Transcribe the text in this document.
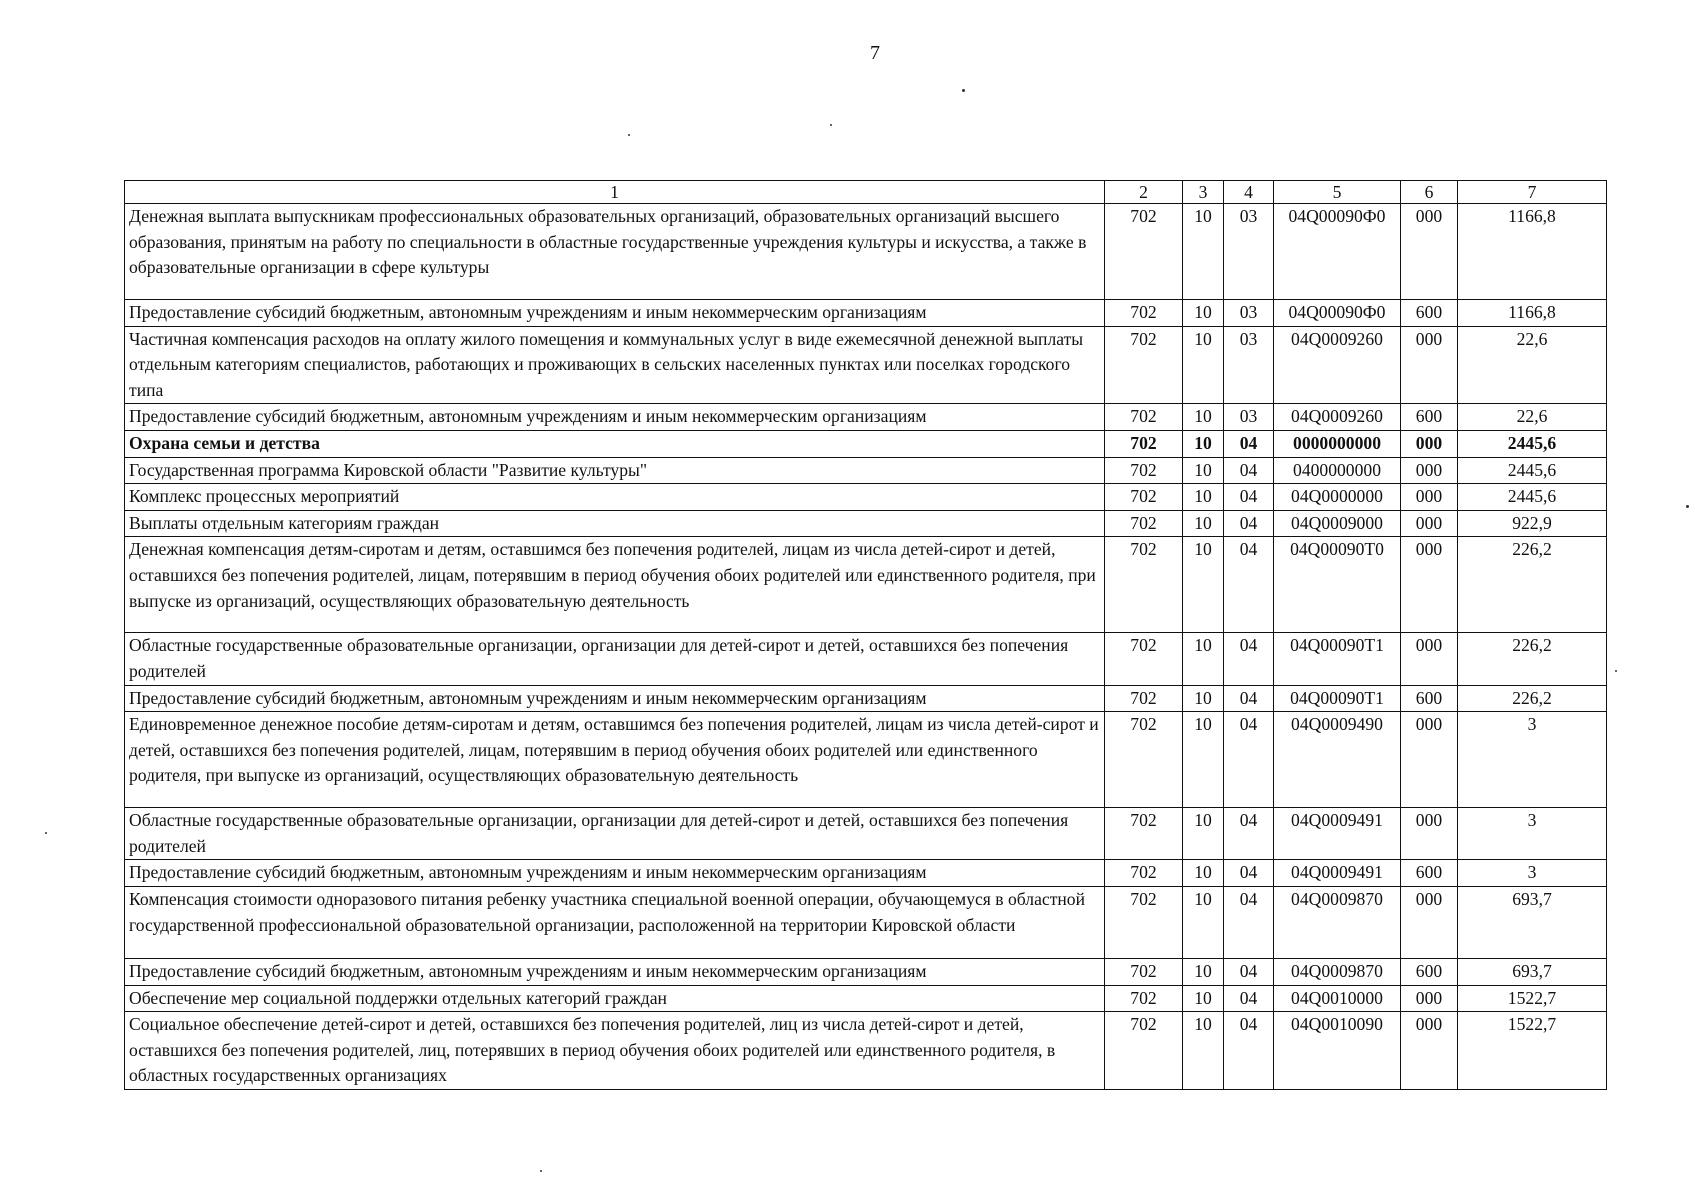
7
1	2	3	4	5	6	7
Денежная выплата выпускникам профессиональных образовательных организаций, образовательных организаций высшего образования, принятым на работу по специальности в областные государственные учреждения культуры и искусства, а также в образовательные организации в сфере культуры	702	10	03	04Q00090Ф0	000	1166,8
Предоставление субсидий бюджетным, автономным учреждениям и иным некоммерческим организациям	702	10	03	04Q00090Ф0	600	1166,8
Частичная компенсация расходов на оплату жилого помещения и коммунальных услуг в виде ежемесячной денежной выплаты отдельным категориям специалистов, работающих и проживающих в сельских населенных пунктах или поселках городского типа	702	10	03	04Q0009260	000	22,6
Предоставление субсидий бюджетным, автономным учреждениям и иным некоммерческим организациям	702	10	03	04Q0009260	600	22,6
Охрана семьи и детства	702	10	04	0000000000	000	2445,6
Государственная программа Кировской области "Развитие культуры"	702	10	04	0400000000	000	2445,6
Комплекс процессных мероприятий	702	10	04	04Q0000000	000	2445,6
Выплаты отдельным категориям граждан	702	10	04	04Q0009000	000	922,9
Денежная компенсация детям-сиротам и детям, оставшимся без попечения родителей, лицам из числа детей-сирот и детей, оставшихся без попечения родителей, лицам, потерявшим в период обучения обоих родителей или единственного родителя, при выпуске из организаций, осуществляющих образовательную деятельность	702	10	04	04Q00090Т0	000	226,2
Областные государственные образовательные организации, организации для детей-сирот и детей, оставшихся без попечения родителей	702	10	04	04Q00090Т1	000	226,2
Предоставление субсидий бюджетным, автономным учреждениям и иным некоммерческим организациям	702	10	04	04Q00090Т1	600	226,2
Единовременное денежное пособие детям-сиротам и детям, оставшимся без попечения родителей, лицам из числа детей-сирот и детей, оставшихся без попечения родителей, лицам, потерявшим в период обучения обоих родителей или единственного родителя, при выпуске из организаций, осуществляющих образовательную деятельность	702	10	04	04Q0009490	000	3
Областные государственные образовательные организации, организации для детей-сирот и детей, оставшихся без попечения родителей	702	10	04	04Q0009491	000	3
Предоставление субсидий бюджетным, автономным учреждениям и иным некоммерческим организациям	702	10	04	04Q0009491	600	3
Компенсация стоимости одноразового питания ребенку участника специальной военной операции, обучающемуся в областной государственной профессиональной образовательной организации, расположенной на территории Кировской области	702	10	04	04Q0009870	000	693,7
Предоставление субсидий бюджетным, автономным учреждениям и иным некоммерческим организациям	702	10	04	04Q0009870	600	693,7
Обеспечение мер социальной поддержки отдельных категорий граждан	702	10	04	04Q0010000	000	1522,7
Социальное обеспечение детей-сирот и детей, оставшихся без попечения родителей, лиц из числа детей-сирот и детей, оставшихся без попечения родителей, лиц, потерявших в период обучения обоих родителей или единственного родителя, в областных государственных организациях	702	10	04	04Q0010090	000	1522,7
